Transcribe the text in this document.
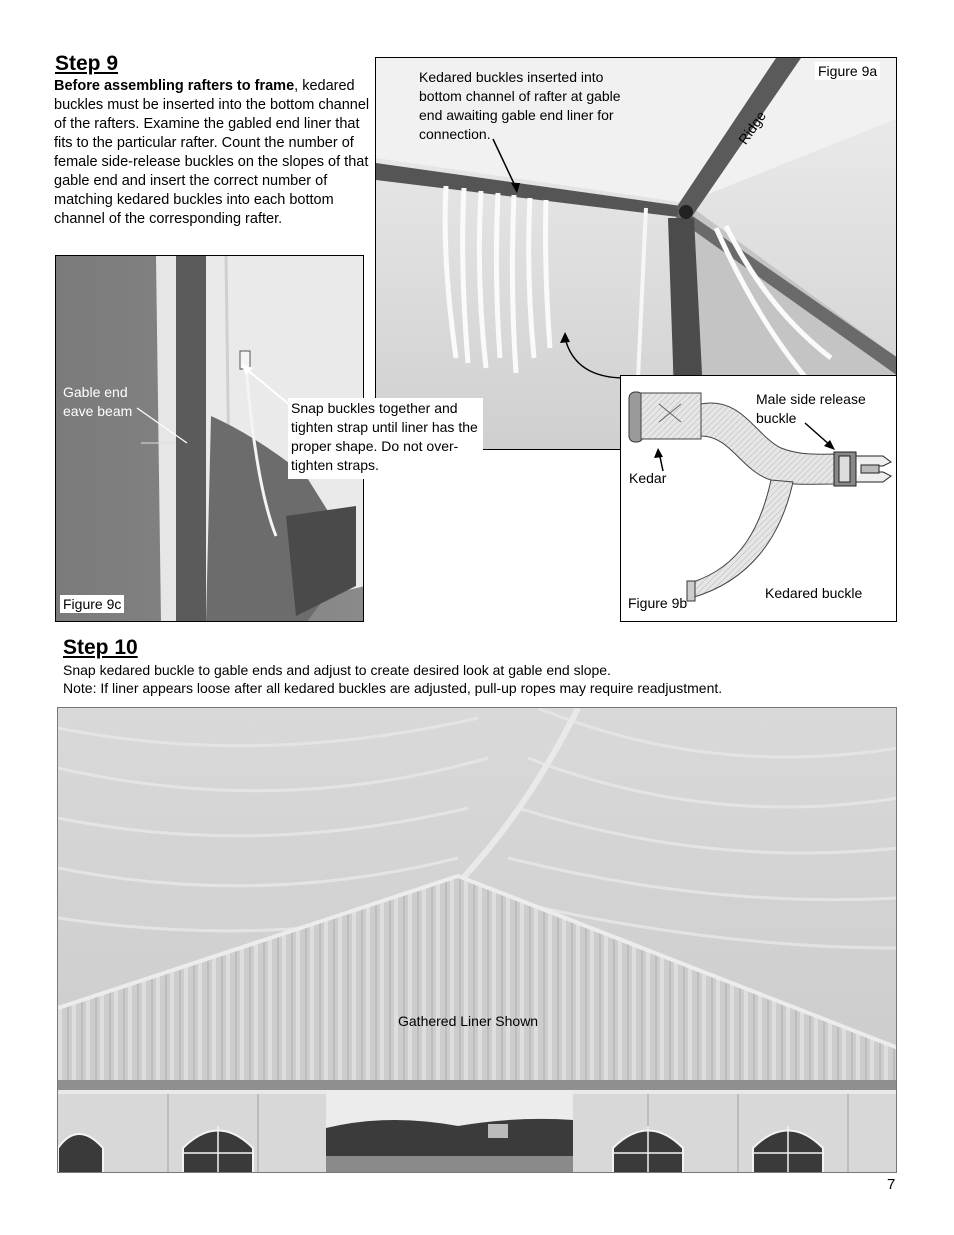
Step 9
Before assembling rafters to frame, kedared buckles must be inserted into the bottom channel of the rafters. Examine the gabled end liner that fits to the particular rafter. Count the number of female side-release buckles on the slopes of that gable end and insert the correct number of matching kedared buckles into each bottom channel of the corresponding rafter.
Figure 9a
Kedared buckles inserted into bottom channel of rafter at gable end awaiting gable end liner for connection.	Ridge
Male side release buckle
Kedar
Kedared buckle
Figure 9b
Gable end eave beam	Snap buckles together and tighten strap until liner has the proper shape. Do not over-tighten straps.
Figure 9c
Step 10
Snap kedared buckle to gable ends and adjust to create desired look at gable end slope.
Note: If liner appears loose after all kedared buckles are adjusted, pull-up ropes may require readjustment.
Gathered Liner Shown
7
